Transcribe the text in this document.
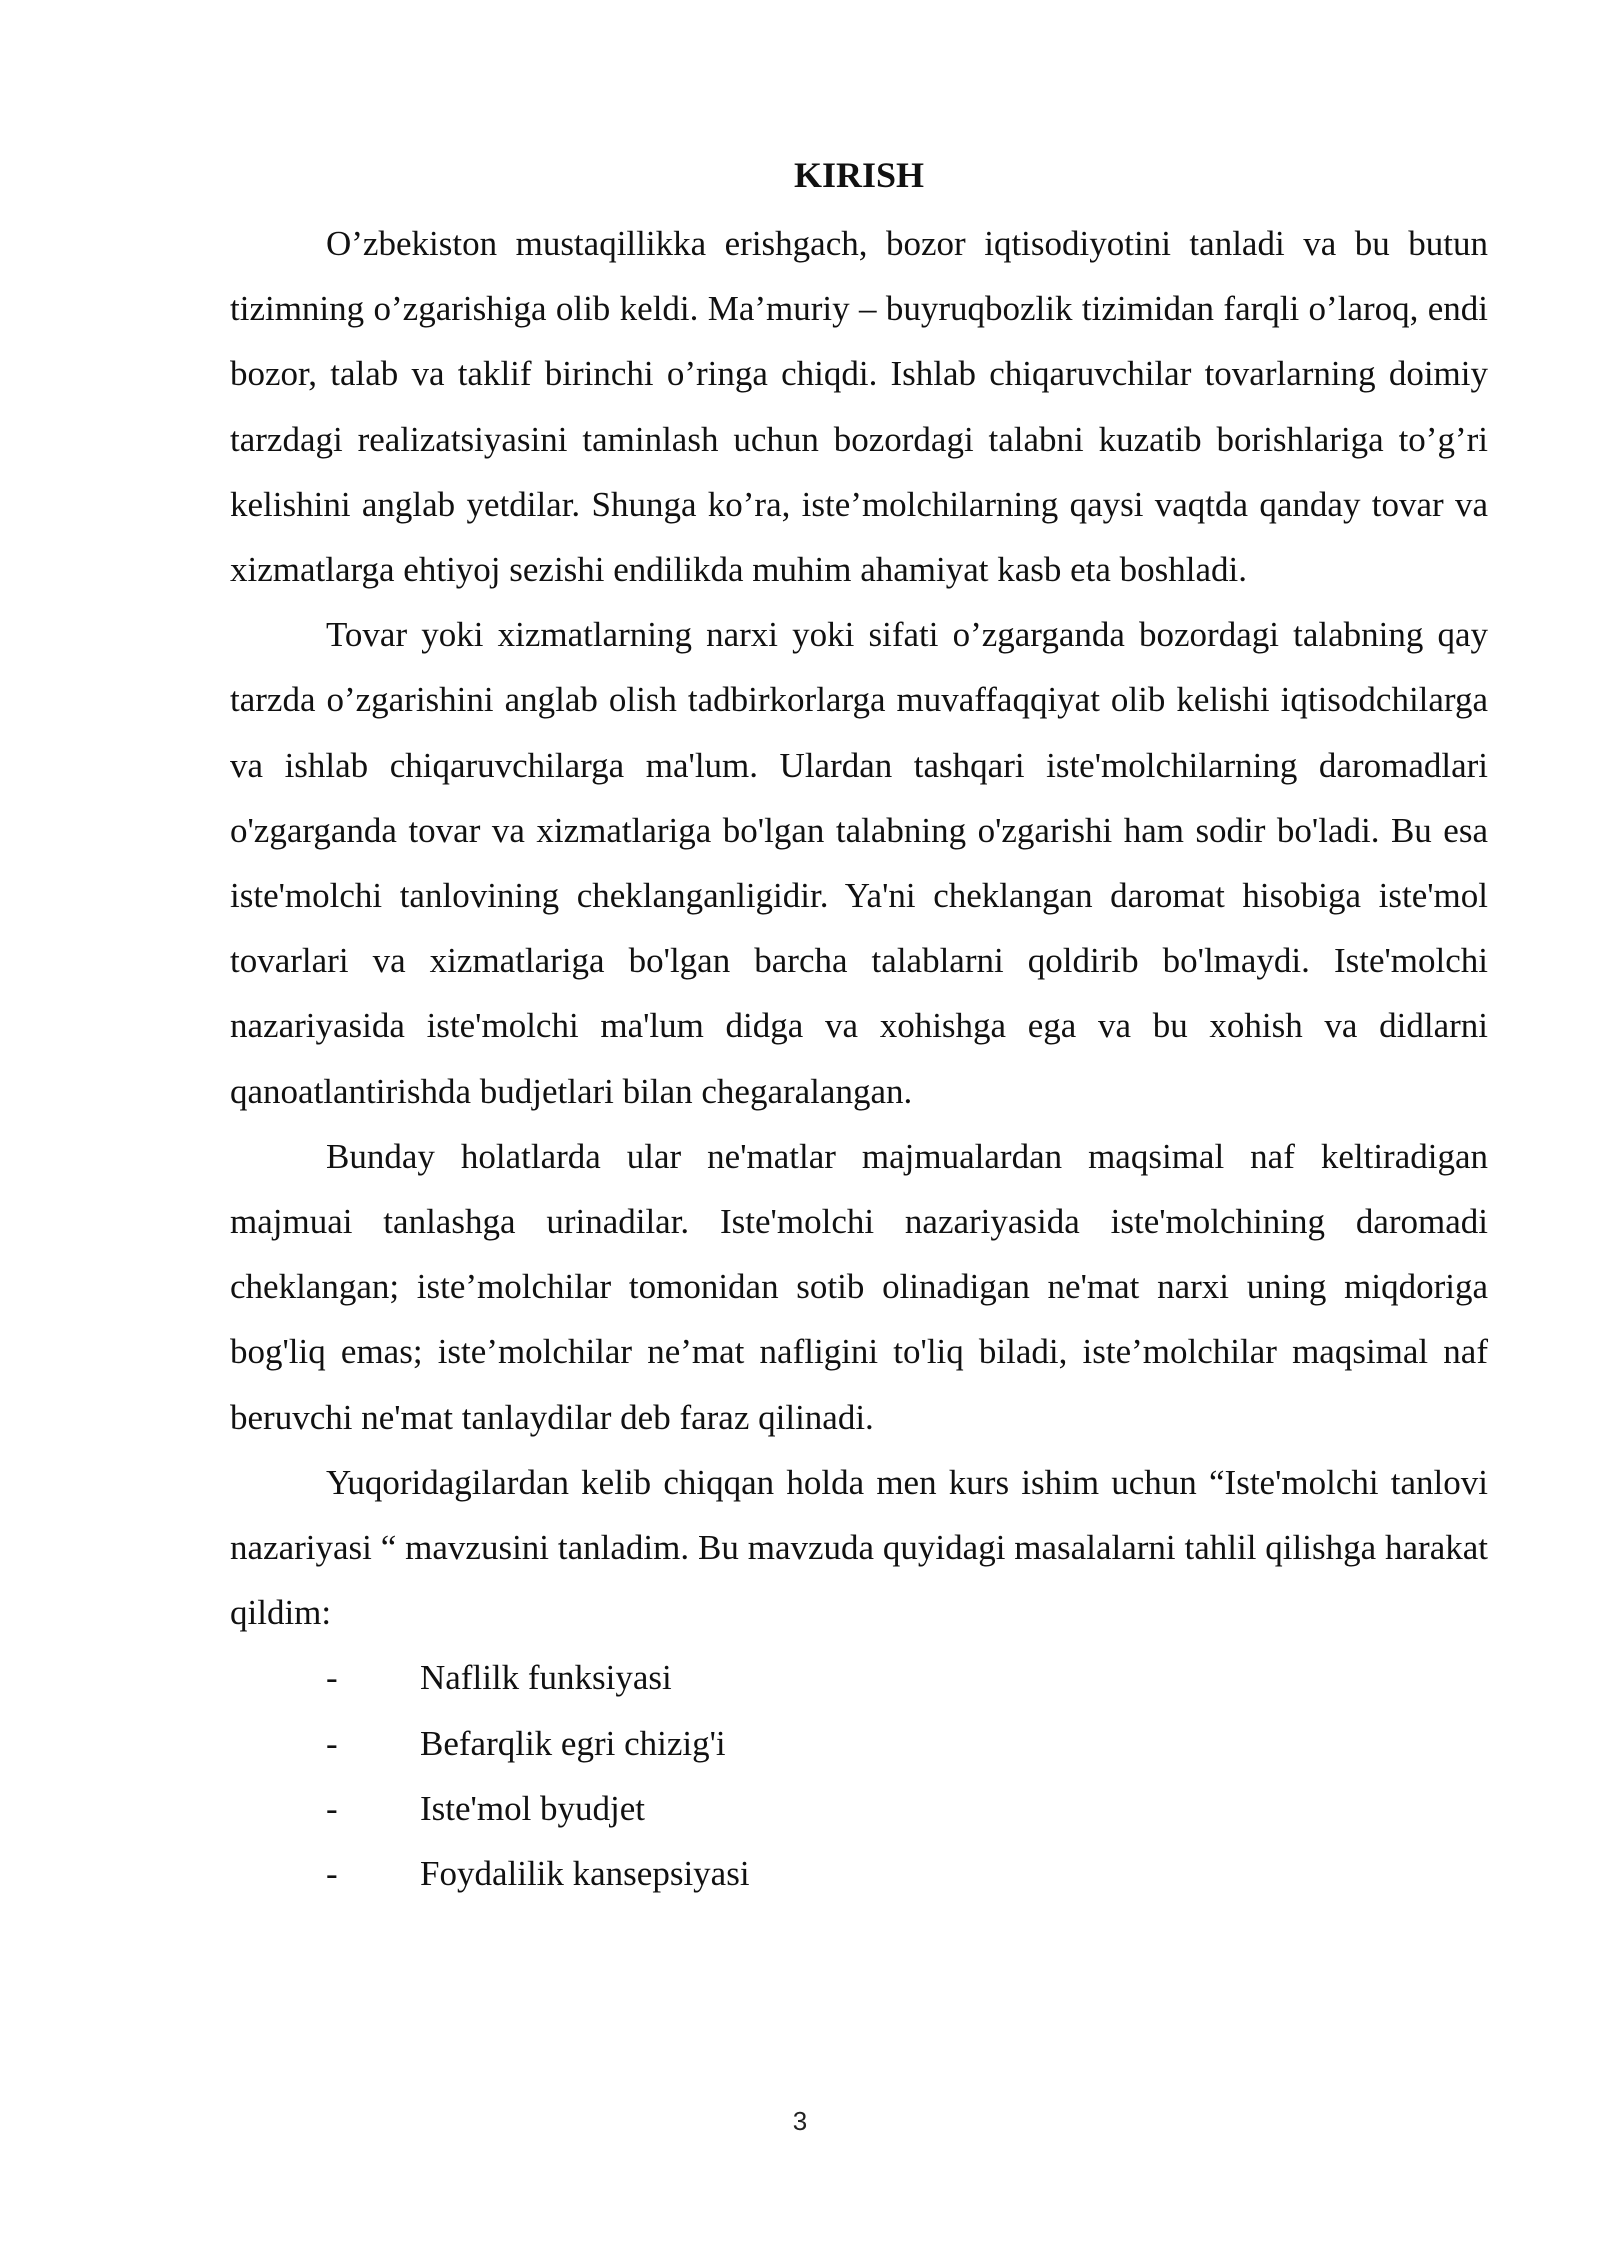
KIRISH

O’zbekiston mustaqillikka erishgach, bozor iqtisodiyotini tanladi va bu butun tizimning o’zgarishiga olib keldi. Ma’muriy – buyruqbozlik tizimidan farqli o’laroq, endi bozor, talab va taklif birinchi o’ringa chiqdi. Ishlab chiqaruvchilar tovarlarning doimiy tarzdagi realizatsiyasini taminlash uchun bozordagi talabni kuzatib borishlariga to’g’ri kelishini anglab yetdilar. Shunga ko’ra, iste’molchilarning qaysi vaqtda qanday tovar va xizmatlarga ehtiyoj sezishi endilikda muhim ahamiyat kasb eta boshladi.

Tovar yoki xizmatlarning narxi yoki sifati o’zgarganda bozordagi talabning qay tarzda o’zgarishini anglab olish tadbirkorlarga muvaffaqqiyat olib kelishi iqtisodchilarga va ishlab chiqaruvchilarga ma'lum. Ulardan tashqari iste'molchilarning daromadlari o'zgarganda tovar va xizmatlariga bo'lgan talabning o'zgarishi ham sodir bo'ladi. Bu esa iste'molchi tanlovining cheklanganligidir. Ya'ni cheklangan daromat hisobiga iste'mol tovarlari va xizmatlariga bo'lgan barcha talablarni qoldirib bo'lmaydi. Iste'molchi nazariyasida iste'molchi ma'lum didga va xohishga ega va bu xohish va didlarni qanoatlantirishda budjetlari bilan chegaralangan.

Bunday holatlarda ular ne'matlar majmualardan maqsimal naf keltiradigan majmuai tanlashga urinadilar. Iste'molchi nazariyasida iste'molchining daromadi cheklangan; iste’molchilar tomonidan sotib olinadigan ne'mat narxi uning miqdoriga bog'liq emas; iste’molchilar ne’mat nafligini to'liq biladi, iste’molchilar maqsimal naf beruvchi ne'mat tanlaydilar deb faraz qilinadi.

Yuqoridagilardan kelib chiqqan holda men kurs ishim uchun “Iste'molchi tanlovi nazariyasi “ mavzusini tanladim. Bu mavzuda quyidagi masalalarni tahlil qilishga harakat qildim:

- Naflilk funksiyasi
- Befarqlik egri chizig'i
- Iste'mol byudjet
- Foydalilik kansepsiyasi
3
